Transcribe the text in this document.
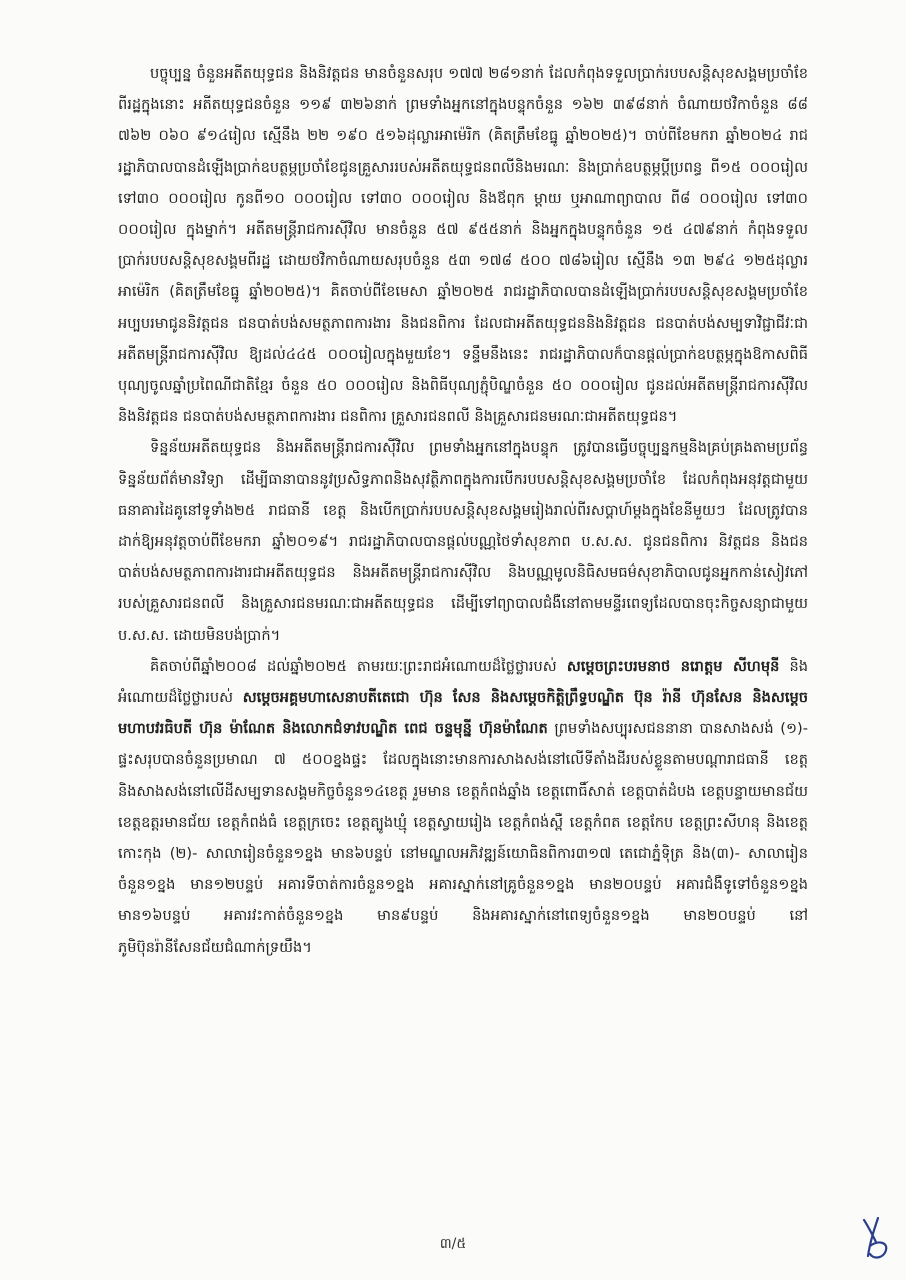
បច្ចុប្បន្ន ចំនួនអតីតយុទ្ធជន និងនិវត្តជន មានចំនួនសរុប ១៧៧ ២៨១នាក់ ដែលកំពុងទទួលប្រាក់របបសន្តិសុខសង្គមប្រចាំខែពីរដ្ឋក្នុងនោះ អតីតយុទ្ធជនចំនួន ១១៩ ៣២៦នាក់ ព្រមទាំងអ្នកនៅក្នុងបន្ទុកចំនួន ១៦២ ៣៩៨នាក់ ចំណាយថវិកាចំនួន ៨៨ ៧៦២ ០៦០ ៩១៤រៀល ស្មើនឹង ២២ ១៩០ ៥១៦ដុល្លារអាម៉េរិក (គិតត្រឹមខែធ្នូ ឆ្នាំ២០២៥)។ ចាប់ពីខែមករា ឆ្នាំ២០២៤ រាជរដ្ឋាភិបាលបានដំឡើងប្រាក់ឧបត្ថម្ភប្រចាំខែជូនគ្រួសាររបស់អតីតយុទ្ធជនពលីនិងមរណៈ និងប្រាក់ឧបត្ថម្ភប្តីប្រពន្ធ ពី១៥ ០០០រៀល ទៅ៣០ ០០០រៀល កូនពី១០ ០០០រៀល ទៅ៣០ ០០០រៀល និងឪពុក ម្ដាយ ឬអាណាព្យាបាល ពី៨ ០០០រៀល ទៅ៣០ ០០០រៀល ក្នុងម្នាក់។ អតីតមន្ត្រីរាជការស៊ីវិល មានចំនួន ៥៧ ៩៥៥នាក់ និងអ្នកក្នុងបន្ទុកចំនួន ១៥ ៤៧៩នាក់ កំពុងទទួលប្រាក់របបសន្តិសុខសង្គមពីរដ្ឋ ដោយថវិកាចំណាយសរុបចំនួន ៥៣ ១៧៨ ៥០០ ៧៨៦រៀល ស្មើនឹង ១៣ ២៩៤ ១២៥ដុល្លារអាម៉េរិក (គិតត្រឹមខែធ្នូ ឆ្នាំ២០២៥)។ គិតចាប់ពីខែមេសា ឆ្នាំ២០២៥ រាជរដ្ឋាភិបាលបានដំឡើងប្រាក់របបសន្តិសុខសង្គមប្រចាំខែអប្បបរមាជូននិវត្តជន ជនបាត់បង់សមត្ថភាពការងារ និងជនពិការ ដែលជាអតីតយុទ្ធជននិងនិវត្តជន ជនបាត់បង់សម្បទាវិជ្ជាជីវៈជាអតីតមន្ត្រីរាជការស៊ីវិល ឱ្យដល់៤៤៥ ០០០រៀលក្នុងមួយខែ។ ទន្ទឹមនឹងនេះ រាជរដ្ឋាភិបាលក៏បានផ្តល់ប្រាក់ឧបត្ថម្ភក្នុងឱកាសពិធីបុណ្យចូលឆ្នាំប្រពៃណីជាតិខ្មែរ ចំនួន ៥០ ០០០រៀល និងពិធីបុណ្យភ្ជុំបិណ្ឌចំនួន ៥០ ០០០រៀល ជូនដល់អតីតមន្ត្រីរាជការស៊ីវិល និងនិវត្តជន ជនបាត់បង់សមត្ថភាពការងារ ជនពិការ គ្រួសារជនពលី និងគ្រួសារជនមរណៈជាអតីតយុទ្ធជន។

ទិន្នន័យអតីតយុទ្ធជន និងអតីតមន្ត្រីរាជការស៊ីវិល ព្រមទាំងអ្នកនៅក្នុងបន្ទុក ត្រូវបានធ្វើបច្ចុប្បន្នកម្មនិងគ្រប់គ្រងតាមប្រព័ន្ធទិន្នន័យព័ត៌មានវិទ្យា ដើម្បីធានាបាននូវប្រសិទ្ធភាពនិងសុវត្ថិភាពក្នុងការបើករបបសន្តិសុខសង្គមប្រចាំខែ ដែលកំពុងអនុវត្តជាមួយធនាគារដៃគូនៅទូទាំង២៥ រាជធានី ខេត្ត និងបើកប្រាក់របបសន្តិសុខសង្គមរៀងរាល់ពីរសប្តាហ៍ម្តងក្នុងខែនីមួយៗ ដែលត្រូវបានដាក់ឱ្យអនុវត្តចាប់ពីខែមករា ឆ្នាំ២០១៩។ រាជរដ្ឋាភិបាលបានផ្តល់បណ្ណថៃទាំសុខភាព ប.ស.ស. ជូនជនពិការ និវត្តជន និងជនបាត់បង់សមត្ថភាពការងារជាអតីតយុទ្ធជន និងអតីតមន្ត្រីរាជការស៊ីវិល និងបណ្ណមូលនិធិសមធម៌សុខាភិបាលជូនអ្នកកាន់សៀវភៅរបស់គ្រួសារជនពលី និងគ្រួសារជនមរណៈជាអតីតយុទ្ធជន ដើម្បីទៅព្យាបាលជំងឺនៅតាមមន្ទីរពេទ្យដែលបានចុះកិច្ចសន្យាជាមួយ ប.ស.ស. ដោយមិនបង់ប្រាក់។

គិតចាប់ពីឆ្នាំ២០០៨ ដល់ឆ្នាំ២០២៥ តាមរយៈព្រះរាជអំណោយដ៏ថ្លៃថ្លារបស់ សម្តេចព្រះបរមនាថ នរោត្តម សីហមុនី និងអំណោយដ៏ថ្លៃថ្លារបស់ សម្តេចអគ្គមហាសេនាបតីតេជោ ហ៊ុន សែន និងសម្តេចកិត្តិព្រឹទ្ធបណ្ឌិត ប៊ុន រ៉ានី ហ៊ុនសែន និងសម្តេចមហាបវរធិបតី ហ៊ុន ម៉ាណែត និងលោកជំទាវបណ្ឌិត ពេជ ចន្ទមុន្នី ហ៊ុនម៉ាណែត ព្រមទាំងសប្បុរសជននានា បានសាងសង់ (១)- ផ្ទះសរុបបានចំនួនប្រមាណ ៧ ៥០០ខ្នងផ្ទះ ដែលក្នុងនោះមានការសាងសង់នៅលើទីតាំងដីរបស់ខ្លួនតាមបណ្តារាជធានី ខេត្ត និងសាងសង់នៅលើដីសម្បទានសង្គមកិច្ចចំនួន១៤ខេត្ត រួមមាន ខេត្តកំពង់ឆ្នាំង ខេត្តពោធិ៍សាត់ ខេត្តបាត់ដំបង ខេត្តបន្ទាយមានជ័យ ខេត្តឧត្តរមានជ័យ ខេត្តកំពង់ធំ ខេត្តក្រចេះ ខេត្តត្បូងឃ្មុំ ខេត្តស្វាយរៀង ខេត្តកំពង់ស្ពឺ ខេត្តកំពត ខេត្តកែប ខេត្តព្រះសីហនុ និងខេត្តកោះកុង (២)- សាលារៀនចំនួន១ខ្នង មាន៦បន្ទប់ នៅមណ្ឌលអភិវឌ្ឍន៍យោធិនពិការ៣១៧ តេជោភ្នំទ៉ិត្រ និង(៣)- សាលារៀនចំនួន១ខ្នង មាន១២បន្ទប់ អគារទីចាត់ការចំនួន១ខ្នង អគារស្នាក់នៅគ្រូចំនួន១ខ្នង មាន២០បន្ទប់ អគារជំងឺទូទៅចំនួន១ខ្នង មាន១៦បន្ទប់ អគារវះកាត់ចំនួន១ខ្នង មាន៩បន្ទប់ និងអគារស្នាក់នៅពេទ្យចំនួន១ខ្នង មាន២០បន្ទប់ នៅភូមិប៊ុនរ៉ានីសែនជ័យជំណាក់ទ្រយឹង។

៣/៥
